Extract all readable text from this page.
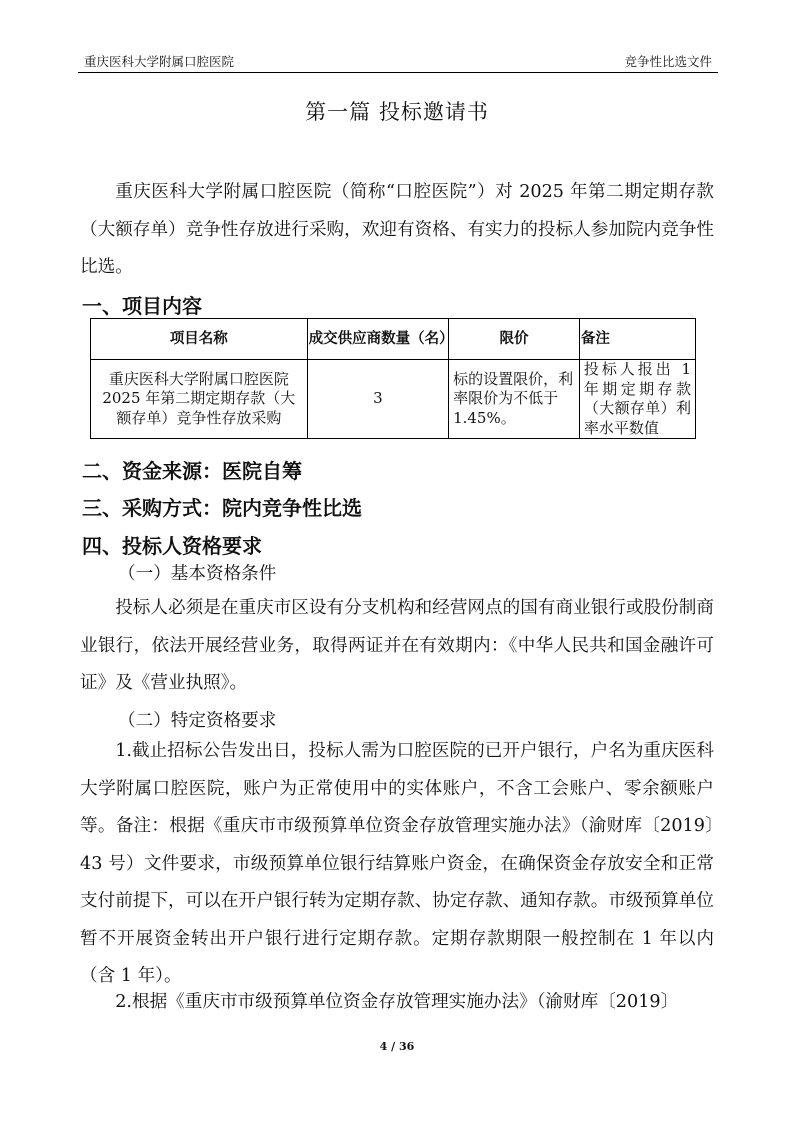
重庆医科大学附属口腔医院	竞争性比选文件
第一篇 投标邀请书

重庆医科大学附属口腔医院（简称“口腔医院”）对 2025 年第二期定期存款（大额存单）竞争性存放进行采购，欢迎有资格、有实力的投标人参加院内竞争性比选。

一、项目内容
项目名称	成交供应商数量（名）	限价	备注
重庆医科大学附属口腔医院 2025 年第二期定期存款（大额存单）竞争性存放采购	3	标的设置限价，利率限价为不低于 1.45%。	投标人报出 1 年期定期存款（大额存单）利率水平数值
二、资金来源：医院自筹
三、采购方式：院内竞争性比选
四、投标人资格要求
（一）基本资格条件

投标人必须是在重庆市区设有分支机构和经营网点的国有商业银行或股份制商业银行，依法开展经营业务，取得两证并在有效期内：《中华人民共和国金融许可证》及《营业执照》。

（二）特定资格要求

1.截止招标公告发出日，投标人需为口腔医院的已开户银行，户名为重庆医科大学附属口腔医院，账户为正常使用中的实体账户，不含工会账户、零余额账户等。备注：根据《重庆市市级预算单位资金存放管理实施办法》（渝财库〔2019〕43 号）文件要求，市级预算单位银行结算账户资金，在确保资金存放安全和正常支付前提下，可以在开户银行转为定期存款、协定存款、通知存款。市级预算单位暂不开展资金转出开户银行进行定期存款。定期存款期限一般控制在 1 年以内（含 1 年）。

2.根据《重庆市市级预算单位资金存放管理实施办法》（渝财库〔2019〕

4 / 36
